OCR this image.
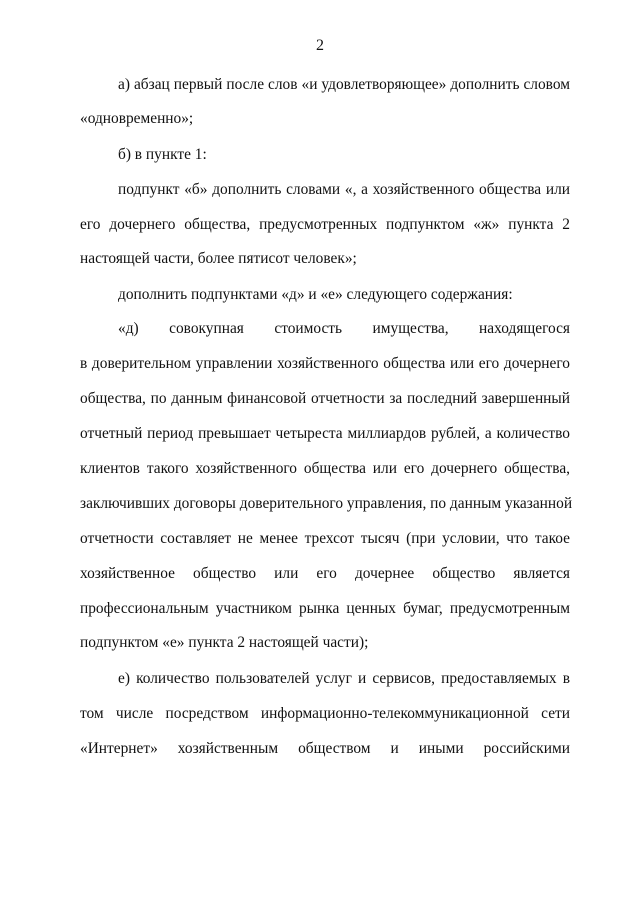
2
а) абзац первый после слов «и удовлетворяющее» дополнить словом
«одновременно»;
б) в пункте 1:
подпункт «б» дополнить словами «, а хозяйственного общества или
его дочернего общества, предусмотренных подпунктом «ж» пункта 2
настоящей части, более пятисот человек»;
дополнить подпунктами «д» и «е» следующего содержания:
«д) совокупная стоимость имущества, находящегося
в доверительном управлении хозяйственного общества или его дочернего
общества, по данным финансовой отчетности за последний завершенный
отчетный период превышает четыреста миллиардов рублей, а количество
клиентов такого хозяйственного общества или его дочернего общества,
заключивших договоры доверительного управления, по данным указанной
отчетности составляет не менее трехсот тысяч (при условии, что такое
хозяйственное общество или его дочернее общество является
профессиональным участником рынка ценных бумаг, предусмотренным
подпунктом «е» пункта 2 настоящей части);
е) количество пользователей услуг и сервисов, предоставляемых в
том числе посредством информационно-телекоммуникационной сети
«Интернет» хозяйственным обществом и иными российскими
